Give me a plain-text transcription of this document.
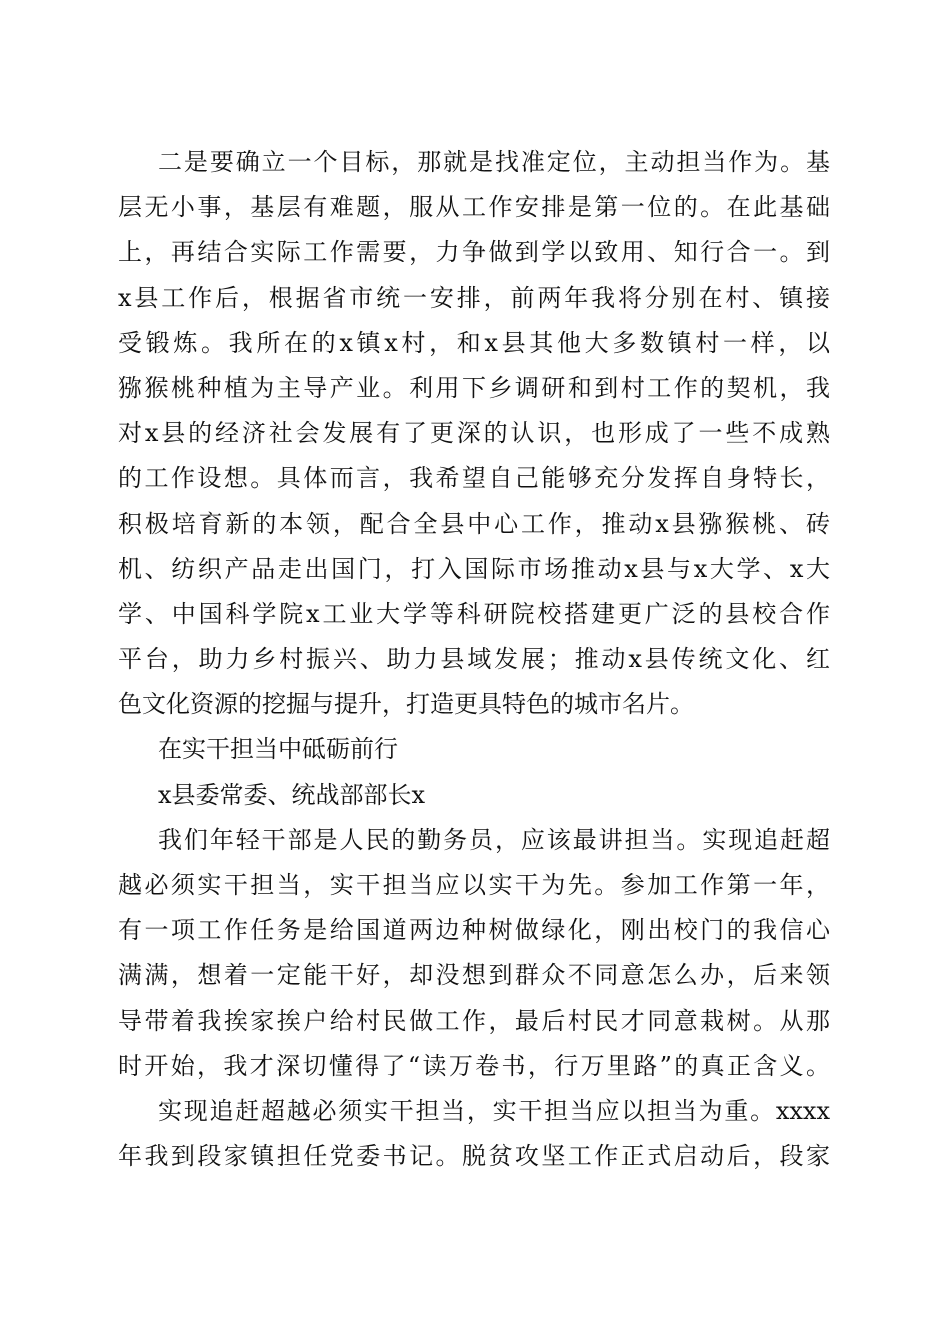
二是要确立一个目标，那就是找准定位，主动担当作为。基
层无小事，基层有难题，服从工作安排是第一位的。在此基础
上，再结合实际工作需要，力争做到学以致用、知行合一。到
x县工作后，根据省市统一安排，前两年我将分别在村、镇接
受锻炼。我所在的x镇x村，和x县其他大多数镇村一样，以
猕猴桃种植为主导产业。利用下乡调研和到村工作的契机，我
对x县的经济社会发展有了更深的认识，也形成了一些不成熟
的工作设想。具体而言，我希望自己能够充分发挥自身特长，
积极培育新的本领，配合全县中心工作，推动x县猕猴桃、砖
机、纺织产品走出国门，打入国际市场推动x县与x大学、x大
学、中国科学院x工业大学等科研院校搭建更广泛的县校合作
平台，助力乡村振兴、助力县域发展；推动x县传统文化、红
色文化资源的挖掘与提升，打造更具特色的城市名片。
在实干担当中砥砺前行
x县委常委、统战部部长x
我们年轻干部是人民的勤务员，应该最讲担当。实现追赶超
越必须实干担当，实干担当应以实干为先。参加工作第一年，
有一项工作任务是给国道两边种树做绿化，刚出校门的我信心
满满，想着一定能干好，却没想到群众不同意怎么办，后来领
导带着我挨家挨户给村民做工作，最后村民才同意栽树。从那
时开始，我才深切懂得了“读万卷书，行万里路”的真正含义。
实现追赶超越必须实干担当，实干担当应以担当为重。xxxx
年我到段家镇担任党委书记。脱贫攻坚工作正式启动后，段家
